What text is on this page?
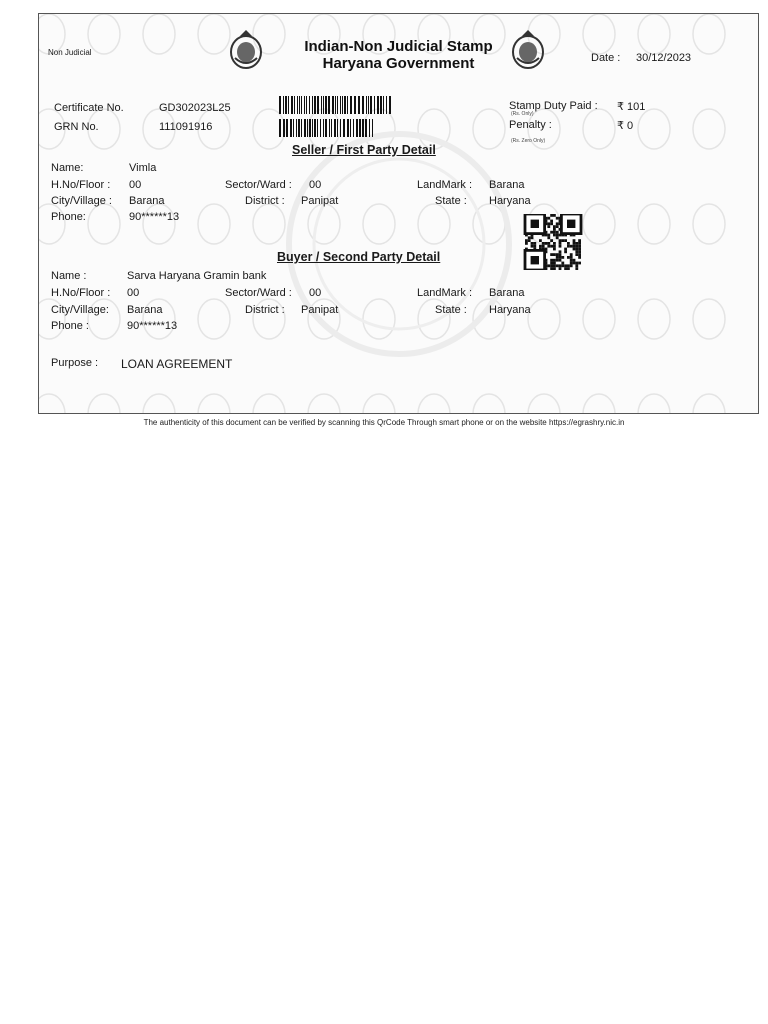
Non Judicial	Indian-Non Judicial Stamp
Haryana Government	Date : 30/12/2023
Certificate No.	GD302023L25
GRN No.	111091916
Stamp Duty Paid :
(Rs. Only)
₹ 101
Penalty :
(Rs. Zero Only)
₹ 0
Seller / First Party Detail
Name:	Vimla
H.No/Floor : 00	Sector/Ward : 00	LandMark : Barana
City/Village : Barana	District : Panipat	State : Haryana
Phone:	90******13
Buyer / Second Party Detail
Name :	Sarva Haryana Gramin bank
H.No/Floor : 00	Sector/Ward : 00	LandMark : Barana
City/Village: Barana	District : Panipat	State : Haryana
Phone :	90******13
Purpose : LOAN AGREEMENT
The authenticity of this document can be verified by scanning this QrCode Through smart phone or on the website https://egrashry.nic.in
